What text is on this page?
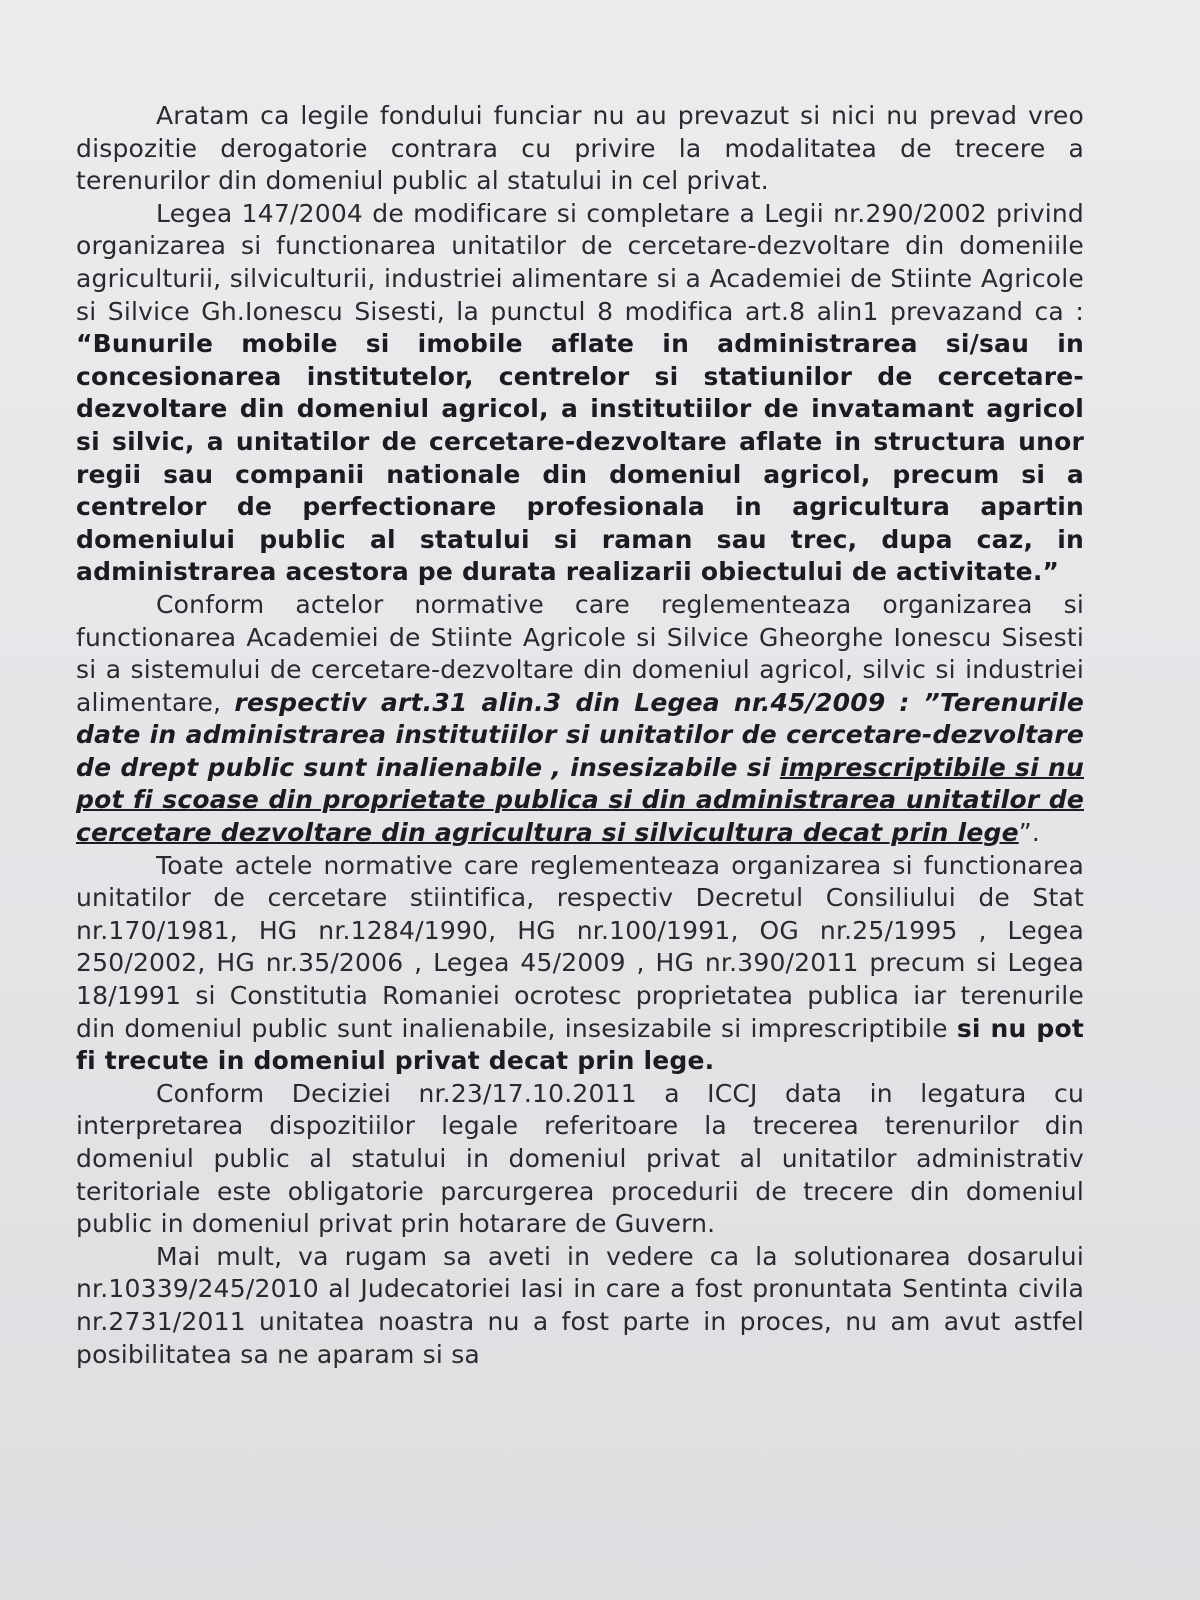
Aratam ca legile fondului funciar nu au prevazut si nici nu prevad vreo dispozitie derogatorie contrara cu privire la modalitatea de trecere a terenurilor din domeniul public al statului in cel privat.

Legea 147/2004 de modificare si completare a Legii nr.290/2002 privind organizarea si functionarea unitatilor de cercetare-dezvoltare din domeniile agriculturii, silviculturii, industriei alimentare si a Academiei de Stiinte Agricole si Silvice Gh.Ionescu Sisesti, la punctul 8 modifica art.8 alin1 prevazand ca : “Bunurile mobile si imobile aflate in administrarea si/sau in concesionarea institutelor, centrelor si statiunilor de cercetare-dezvoltare din domeniul agricol, a institutiilor de invatamant agricol si silvic, a unitatilor de cercetare-dezvoltare aflate in structura unor regii sau companii nationale din domeniul agricol, precum si a centrelor de perfectionare profesionala in agricultura apartin domeniului public al statului si raman sau trec, dupa caz, in administrarea acestora pe durata realizarii obiectului de activitate.”

Conform actelor normative care reglementeaza organizarea si functionarea Academiei de Stiinte Agricole si Silvice Gheorghe Ionescu Sisesti si a sistemului de cercetare-dezvoltare din domeniul agricol, silvic si industriei alimentare, respectiv art.31 alin.3 din Legea nr.45/2009 : ”Terenurile date in administrarea institutiilor si unitatilor de cercetare-dezvoltare de drept public sunt inalienabile , insesizabile si imprescriptibile si nu pot fi scoase din proprietate publica si din administrarea unitatilor de cercetare dezvoltare din agricultura si silvicultura decat prin lege”.

Toate actele normative care reglementeaza organizarea si functionarea unitatilor de cercetare stiintifica, respectiv Decretul Consiliului de Stat nr.170/1981, HG nr.1284/1990, HG nr.100/1991, OG nr.25/1995 , Legea 250/2002, HG nr.35/2006 , Legea 45/2009 , HG nr.390/2011 precum si Legea 18/1991 si Constitutia Romaniei ocrotesc proprietatea publica iar terenurile din domeniul public sunt inalienabile, insesizabile si imprescriptibile si nu pot fi trecute in domeniul privat decat prin lege.

Conform Deciziei nr.23/17.10.2011 a ICCJ data in legatura cu interpretarea dispozitiilor legale referitoare la trecerea terenurilor din domeniul public al statului in domeniul privat al unitatilor administrativ teritoriale este obligatorie parcurgerea procedurii de trecere din domeniul public in domeniul privat prin hotarare de Guvern.

Mai mult, va rugam sa aveti in vedere ca la solutionarea dosarului nr.10339/245/2010 al Judecatoriei Iasi in care a fost pronuntata Sentinta civila nr.2731/2011 unitatea noastra nu a fost parte in proces, nu am avut astfel posibilitatea sa ne aparam si sa
